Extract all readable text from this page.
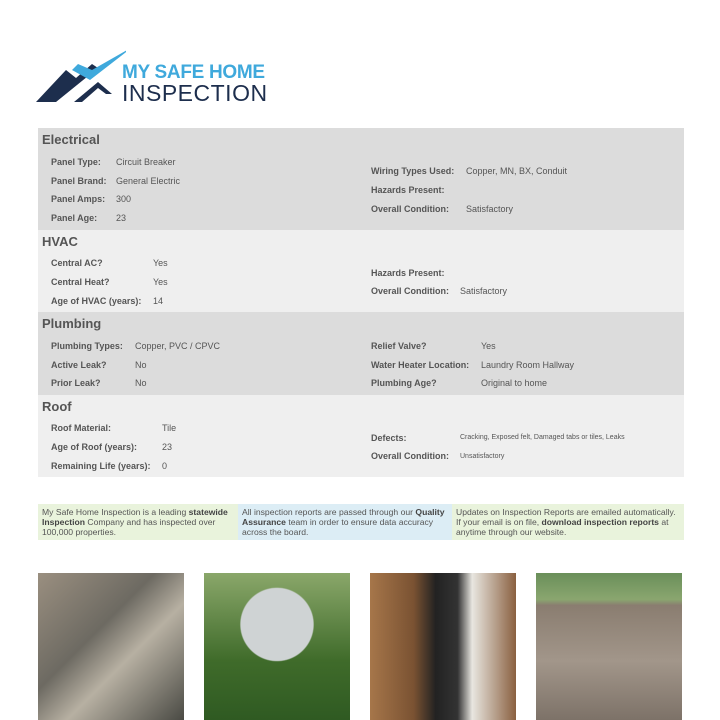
MY SAFE HOME
INSPECTION
Electrical
Panel Type:	Circuit Breaker
Panel Brand:	General Electric
Panel Amps:	300
Panel Age:	23
Wiring Types Used:	Copper, MN, BX, Conduit
Hazards Present:
Overall Condition:	Satisfactory
HVAC
Central AC?	Yes
Central Heat?	Yes
Age of HVAC (years):	14
Hazards Present:
Overall Condition:	Satisfactory
Plumbing
Plumbing Types:	Copper, PVC / CPVC
Active Leak?	No
Prior Leak?	No
Relief Valve?	Yes
Water Heater Location:	Laundry Room Hallway
Plumbing Age?	Original to home
Roof
Roof Material:	Tile
Age of Roof (years):	23
Remaining Life (years):	0
Defects:	Cracking, Exposed felt, Damaged tabs or tiles, Leaks
Overall Condition:	Unsatisfactory
My Safe Home Inspection is a leading statewide Inspection Company and has inspected over 100,000 properties.
All inspection reports are passed through our Quality Assurance team in order to ensure data accuracy across the board.
Updates on Inspection Reports are emailed automatically. If your email is on file, download inspection reports at anytime through our website.
